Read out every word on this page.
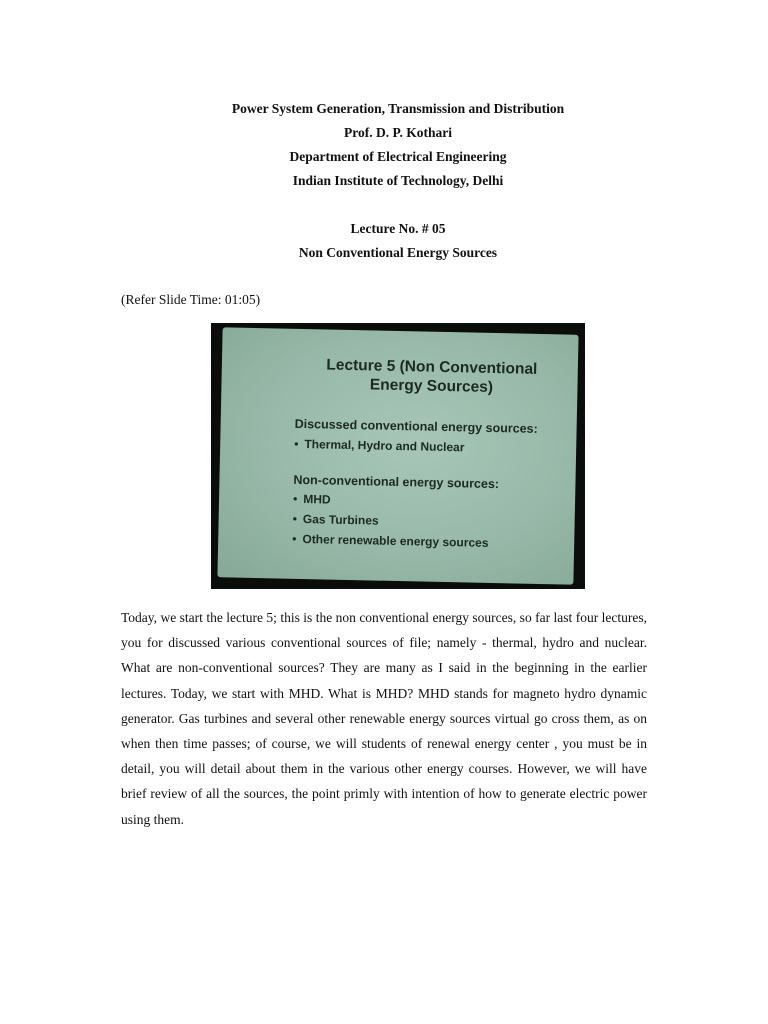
Power System Generation, Transmission and Distribution
Prof. D. P. Kothari
Department of Electrical Engineering
Indian Institute of Technology, Delhi
Lecture No. # 05
Non Conventional Energy Sources
(Refer Slide Time: 01:05)
Lecture 5 (Non Conventional
Energy Sources)
Discussed conventional energy sources:
• Thermal, Hydro and Nuclear
Non-conventional energy sources:
• MHD
• Gas Turbines
• Other renewable energy sources
Today, we start the lecture 5; this is the non conventional energy sources, so far last four lectures, you for discussed various conventional sources of file; namely - thermal, hydro and nuclear. What are non-conventional sources? They are many as I said in the beginning in the earlier lectures. Today, we start with MHD. What is MHD? MHD stands for magneto hydro dynamic generator. Gas turbines and several other renewable energy sources virtual go cross them, as on when then time passes; of course, we will students of renewal energy center , you must be in detail, you will detail about them in the various other energy courses. However, we will have brief review of all the sources, the point primly with intention of how to generate electric power using them.
